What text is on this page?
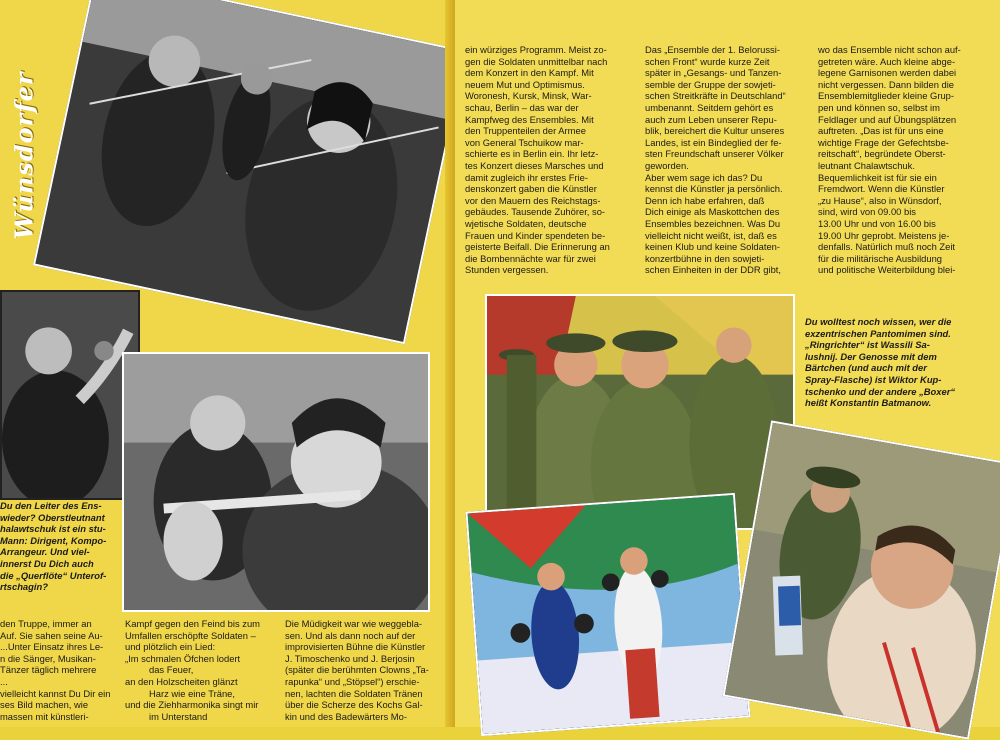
Wünsdorfer
Du den Leiter des Ens-
wieder? Oberstleutnant
halawtschuk ist ein stu-
Mann: Dirigent, Kompo-
Arrangeur. Und viel-
innerst Du Dich auch
die „Querflöte“ Unterof-
rtschagin?
den Truppe, immer an
Auf. Sie sahen seine Au-
...Unter Einsatz ihres Le-
n die Sänger, Musikan-
Tänzer täglich mehrere
...
vielleicht kannst Du Dir ein
ses Bild machen, wie
massen mit künstleri-
Kampf gegen den Feind bis zum
Umfallen erschöpfte Soldaten –
und plötzlich ein Lied:
„Im schmalen Öfchen lodert
das Feuer,
an den Holzscheiten glänzt
Harz wie eine Träne,
und die Ziehharmonika singt mir
im Unterstand
Die Müdigkeit war wie weggebla-
sen. Und als dann noch auf der
improvisierten Bühne die Künstler
J. Timoschenko und J. Berjosin
(später die berühmten Clowns „Ta-
rapunka“ und „Stöpsel“) erschie-
nen, lachten die Soldaten Tränen
über die Scherze des Kochs Gal-
kin und des Badewärters Mo-
ein würziges Programm. Meist zo-
gen die Soldaten unmittelbar nach
dem Konzert in den Kampf. Mit
neuem Mut und Optimismus.
Woronesh, Kursk, Minsk, War-
schau, Berlin – das war der
Kampfweg des Ensembles. Mit
den Truppenteilen der Armee
von General Tschuikow mar-
schierte es in Berlin ein. Ihr letz-
tes Konzert dieses Marsches und
damit zugleich ihr erstes Frie-
denskonzert gaben die Künstler
vor den Mauern des Reichstags-
gebäudes. Tausende Zuhörer, so-
wjetische Soldaten, deutsche
Frauen und Kinder spendeten be-
geisterte Beifall. Die Erinnerung an
die Bombennächte war für zwei
Stunden vergessen.
Das „Ensemble der 1. Belorussi-
schen Front“ wurde kurze Zeit
später in „Gesangs- und Tanzen-
semble der Gruppe der sowjeti-
schen Streitkräfte in Deutschland“
umbenannt. Seitdem gehört es
auch zum Leben unserer Repu-
blik, bereichert die Kultur unseres
Landes, ist ein Bindeglied der fe-
sten Freundschaft unserer Völker
geworden.
Aber wem sage ich das? Du
kennst die Künstler ja persönlich.
Denn ich habe erfahren, daß
Dich einige als Maskottchen des
Ensembles bezeichnen. Was Du
vielleicht nicht weißt, ist, daß es
keinen Klub und keine Soldaten-
konzertbühne in den sowjeti-
schen Einheiten in der DDR gibt,
wo das Ensemble nicht schon auf-
getreten wäre. Auch kleine abge-
legene Garnisonen werden dabei
nicht vergessen. Dann bilden die
Ensemblemitglieder kleine Grup-
pen und können so, selbst im
Feldlager und auf Übungsplätzen
auftreten. „Das ist für uns eine
wichtige Frage der Gefechtsbe-
reitschaft“, begründete Oberst-
leutnant Chalawtschuk.
Bequemlichkeit ist für sie ein
Fremdwort. Wenn die Künstler
„zu Hause“, also in Wünsdorf,
sind, wird von 09.00 bis
13.00 Uhr und von 16.00 bis
19.00 Uhr geprobt. Meistens je-
denfalls. Natürlich muß noch Zeit
für die militärische Ausbildung
und politische Weiterbildung blei-
Du wolltest noch wissen, wer die
exzentrischen Pantomimen sind.
„Ringrichter“ ist Wassili Sa-
lushnij. Der Genosse mit dem
Bärtchen (und auch mit der
Spray-Flasche) ist Wiktor Kup-
tschenko und der andere „Boxer“
heißt Konstantin Batmanow.
